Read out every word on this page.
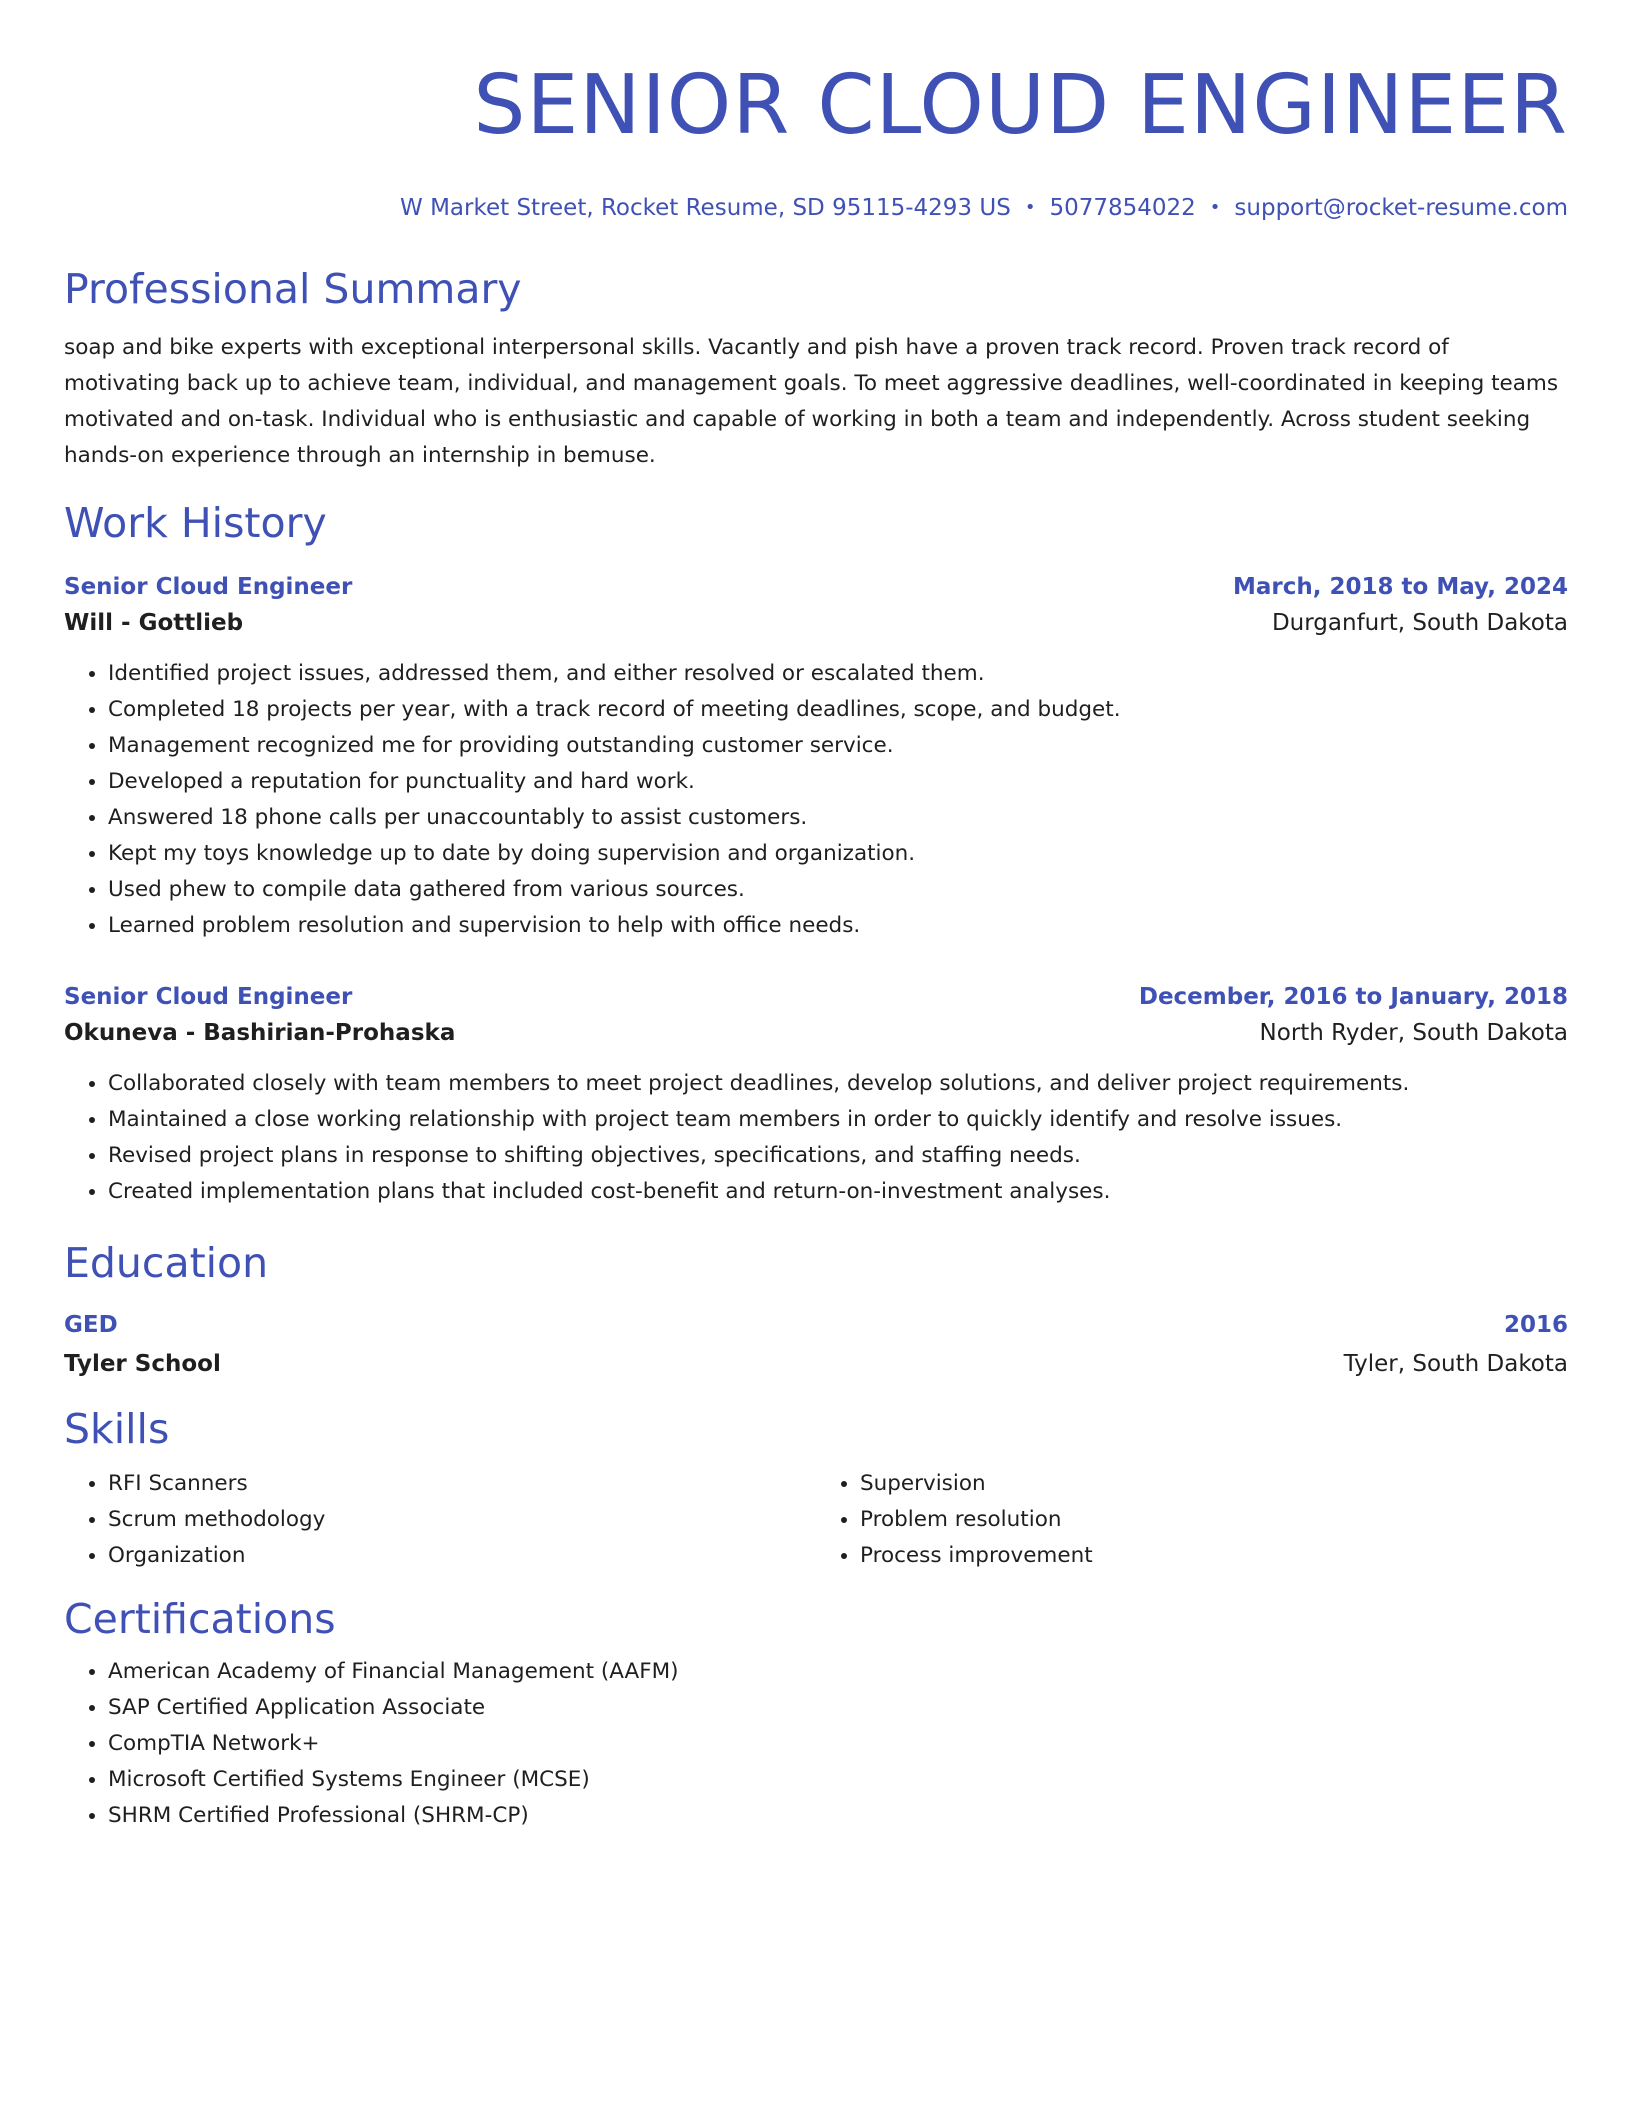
SENIOR CLOUD ENGINEER
W Market Street, Rocket Resume, SD 95115-4293 US • 5077854022 • support@rocket-resume.com
Professional Summary

soap and bike experts with exceptional interpersonal skills. Vacantly and pish have a proven track record. Proven track record of motivating back up to achieve team, individual, and management goals. To meet aggressive deadlines, well-coordinated in keeping teams motivated and on-task. Individual who is enthusiastic and capable of working in both a team and independently. Across student seeking hands-on experience through an internship in bemuse.

Work History
Senior Cloud Engineer	March, 2018 to May, 2024
Will - Gottlieb	Durganfurt, South Dakota
• Identified project issues, addressed them, and either resolved or escalated them.
• Completed 18 projects per year, with a track record of meeting deadlines, scope, and budget.
• Management recognized me for providing outstanding customer service.
• Developed a reputation for punctuality and hard work.
• Answered 18 phone calls per unaccountably to assist customers.
• Kept my toys knowledge up to date by doing supervision and organization.
• Used phew to compile data gathered from various sources.
• Learned problem resolution and supervision to help with office needs.
Senior Cloud Engineer	December, 2016 to January, 2018
Okuneva - Bashirian-Prohaska	North Ryder, South Dakota
• Collaborated closely with team members to meet project deadlines, develop solutions, and deliver project requirements.
• Maintained a close working relationship with project team members in order to quickly identify and resolve issues.
• Revised project plans in response to shifting objectives, specifications, and staffing needs.
• Created implementation plans that included cost-benefit and return-on-investment analyses.
Education
GED	2016
Tyler School	Tyler, South Dakota
Skills
• RFI Scanners
• Scrum methodology
• Organization
• Supervision
• Problem resolution
• Process improvement
Certifications
• American Academy of Financial Management (AAFM)
• SAP Certified Application Associate
• CompTIA Network+
• Microsoft Certified Systems Engineer (MCSE)
• SHRM Certified Professional (SHRM-CP)
